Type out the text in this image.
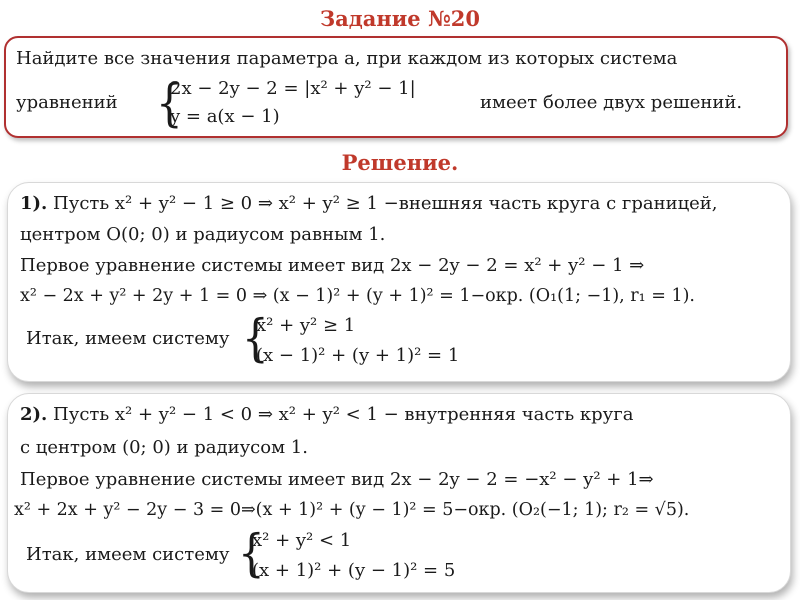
Задание №20
Найдите все значения параметра a, при каждом из которых система
уравнений {
2x − 2y − 2 = |x² + y² − 1|
y = a(x − 1)
имеет более двух решений.
Решение.
1). Пусть x² + y² − 1 ≥ 0 ⇒ x² + y² ≥ 1 −внешняя часть круга с границей,
центром O(0; 0) и радиусом равным 1.
Первое уравнение системы имеет вид 2x − 2y − 2 = x² + y² − 1 ⇒
x² − 2x + y² + 2y + 1 = 0 ⇒ (x − 1)² + (y + 1)² = 1−окр. (O₁(1; −1), r₁ = 1).
Итак, имеем систему {
x² + y² ≥ 1
(x − 1)² + (y + 1)² = 1
2). Пусть x² + y² − 1 < 0 ⇒ x² + y² < 1 − внутренняя часть круга
с центром (0; 0) и радиусом 1.
Первое уравнение системы имеет вид 2x − 2y − 2 = −x² − y² + 1⇒
x² + 2x + y² − 2y − 3 = 0⇒(x + 1)² + (y − 1)² = 5−окр. (O₂(−1; 1); r₂ = √5).
Итак, имеем систему {
x² + y² < 1
(x + 1)² + (y − 1)² = 5
